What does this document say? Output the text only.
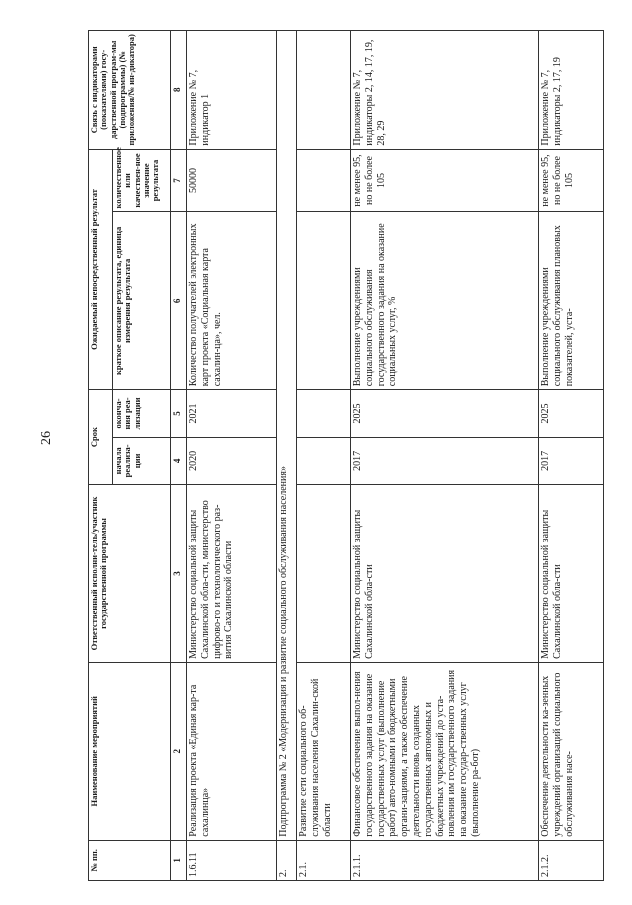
26
№ пп.	Наименование мероприятий	Ответственный исполни-тель/участник государственной программы	Срок		Ожидаемый непосредственный результат		Связь с индикаторами (показателями) госу-дарственной програм-мы (подпрограммы) (№ приложения/№ ин-дикатора)
			начала реализа-ции	оконча-ния реа-лизации	краткое описание результата, единица измерения результата	количественное или качествен-ное значение результата	
1	2	3	4	5	6	7	8
1.6.11	Реализация проекта «Единая кар-та сахалинца»	Министерство социальной защиты Сахалинской обла-сти, министерство цифрово-го и технологического раз-вития Сахалинской области	2020	2021	Количество получателей электронных карт проекта «Социальная карта сахалин-ца», чел.	50000	Приложение № 7, индикатор 1
2.	Подпрограмма № 2 «Модернизация и развитие социального обслуживания населения»						
2.1.	Развитие сети социального об-служивания населения Сахалин-ской области						
2.1.1.	Финансовое обеспечение выпол-нения государственного задания на оказание государственных услуг (выполнение работ) авто-номными и бюджетными органи-зациями, а также обеспечение деятельности вновь созданных государственных автономных и бюджетных учреждений до уста-новления им государственного задания на оказание государ-ственных услуг (выполнение ра-бот)	Министерство социальной защиты Сахалинской обла-сти	2017	2025	Выполнение учреждениями социального обслуживания государственного задания на оказание социальных услуг, %	не менее 95, но не более 105	Приложение № 7, индикаторы 2, 14, 17, 19, 28, 29
2.1.2.	Обеспечение деятельности ка-зенных учреждений организаций социального обслуживания насе-	Министерство социальной защиты Сахалинской обла-сти	2017	2025	Выполнение учреждениями социального обслуживания плановых показателей, уста-	не менее 95, но не более 105	Приложение № 7, индикаторы 2, 17, 19
